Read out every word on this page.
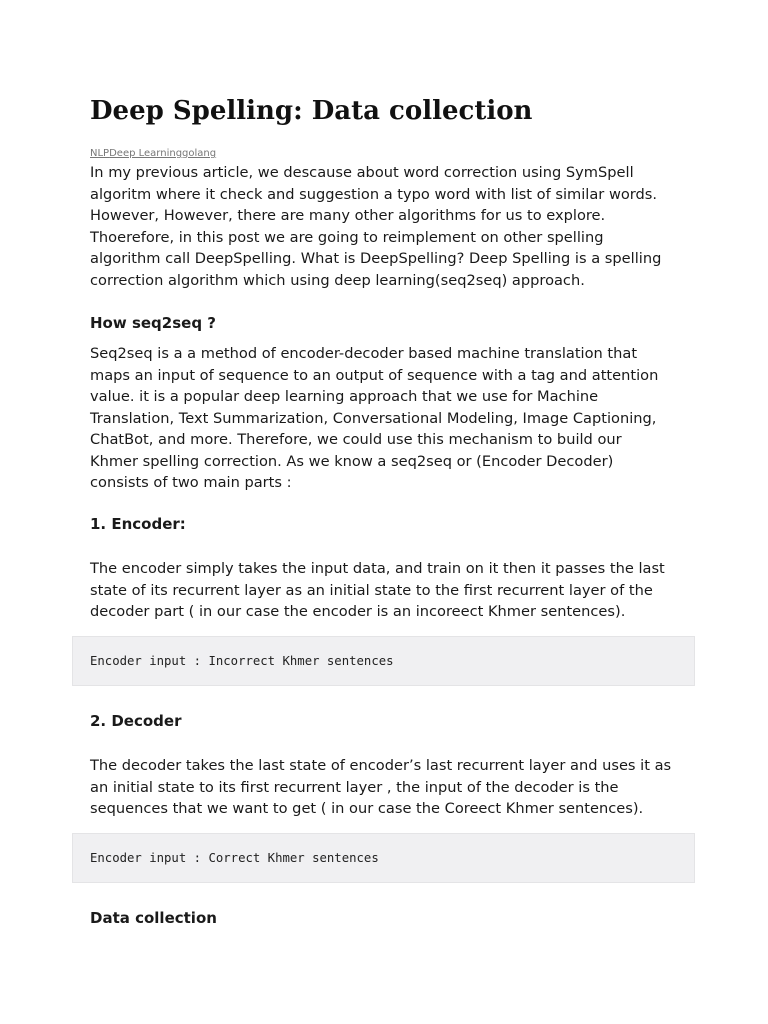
Deep Spelling: Data collection
NLPDeep Learninggolang
In my previous article, we descause about word correction using SymSpell
algoritm where it check and suggestion a typo word with list of similar words.
However, However, there are many other algorithms for us to explore.
Thoerefore, in this post we are going to reimplement on other spelling
algorithm call DeepSpelling. What is DeepSpelling? Deep Spelling is a spelling
correction algorithm which using deep learning(seq2seq) approach.
How seq2seq ?
Seq2seq is a a method of encoder-decoder based machine translation that
maps an input of sequence to an output of sequence with a tag and attention
value. it is a popular deep learning approach that we use for Machine
Translation, Text Summarization, Conversational Modeling, Image Captioning,
ChatBot, and more. Therefore, we could use this mechanism to build our
Khmer spelling correction. As we know a seq2seq or (Encoder Decoder)
consists of two main parts :
1. Encoder:
The encoder simply takes the input data, and train on it then it passes the last
state of its recurrent layer as an initial state to the first recurrent layer of the
decoder part ( in our case the encoder is an incoreect Khmer sentences).
Encoder input : Incorrect Khmer sentences
2. Decoder
The decoder takes the last state of encoder’s last recurrent layer and uses it as
an initial state to its first recurrent layer , the input of the decoder is the
sequences that we want to get ( in our case the Coreect Khmer sentences).
Encoder input : Correct Khmer sentences
Data collection
